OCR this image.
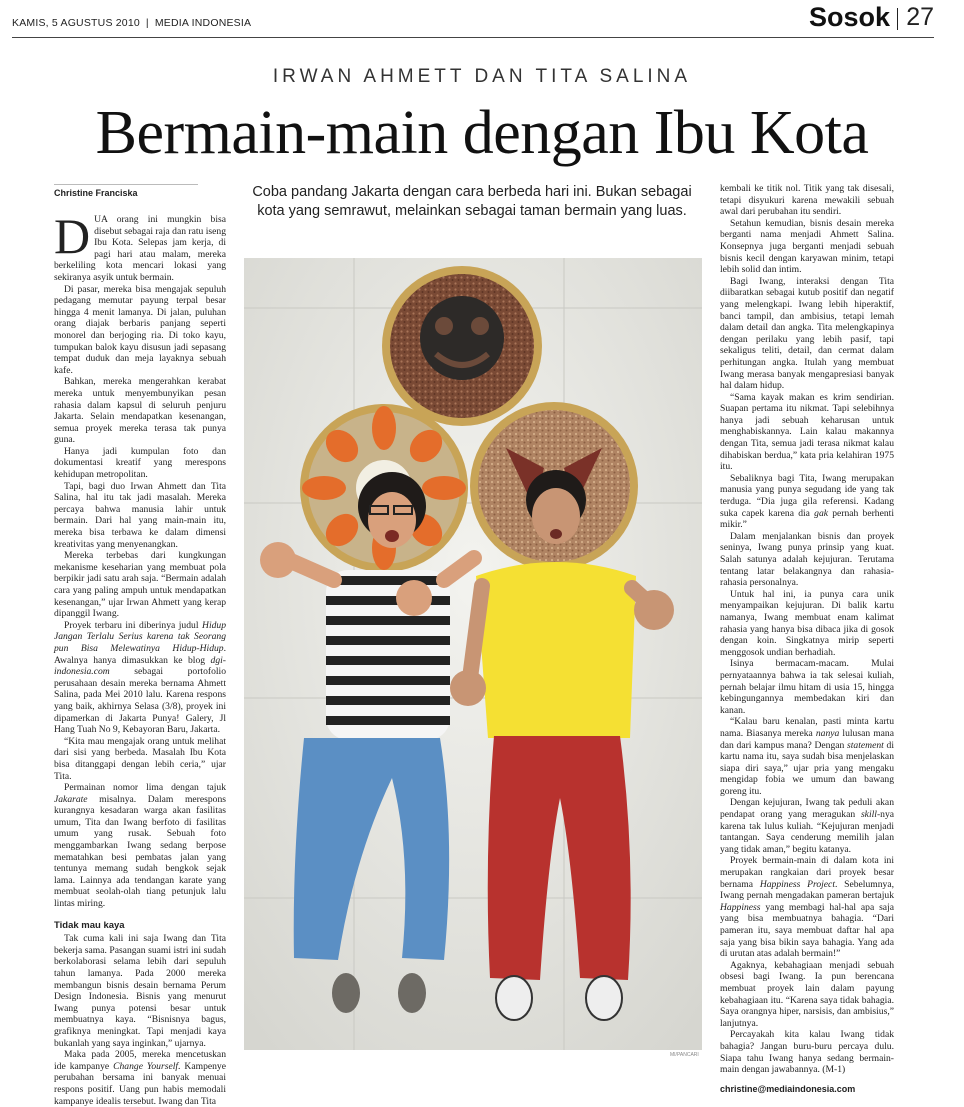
KAMIS, 5 AGUSTUS 2010 | MEDIA INDONESIA	Sosok 27
IRWAN AHMETT DAN TITA SALINA
Bermain-main dengan Ibu Kota
Christine Franciska

DUA orang ini mungkin bisa disebut sebagai raja dan ratu iseng Ibu Kota. Selepas jam kerja, di pagi hari atau malam, mereka berkeliling kota mencari lokasi yang sekiranya asyik untuk bermain.

Di pasar, mereka bisa mengajak sepuluh pedagang memutar payung terpal besar hingga 4 menit lamanya. Di jalan, puluhan orang diajak berbaris panjang seperti monorel dan berjoging ria. Di toko kayu, tumpukan balok kayu disusun jadi sepasang tempat duduk dan meja layaknya sebuah kafe.

Bahkan, mereka mengerahkan kerabat mereka untuk menyembunyikan pesan rahasia dalam kapsul di seluruh penjuru Jakarta. Selain mendapatkan kesenangan, semua proyek mereka terasa tak punya guna.

Hanya jadi kumpulan foto dan dokumentasi kreatif yang merespons kehidupan metropolitan.

Tapi, bagi duo Irwan Ahmett dan Tita Salina, hal itu tak jadi masalah. Mereka percaya bahwa manusia lahir untuk bermain. Dari hal yang main-main itu, mereka bisa terbawa ke dalam dimensi kreativitas yang menyenangkan.

Mereka terbebas dari kungkungan mekanisme keseharian yang membuat pola berpikir jadi satu arah saja. “Bermain adalah cara yang paling ampuh untuk mendapatkan kesenangan,” ujar Irwan Ahmett yang kerap dipanggil Iwang.

Proyek terbaru ini diberinya judul Hidup Jangan Terlalu Serius karena tak Seorang pun Bisa Melewatinya Hidup-Hidup. Awalnya hanya dimasukkan ke blog dgi-indonesia.com sebagai portofolio perusahaan desain mereka bernama Ahmett Salina, pada Mei 2010 lalu. Karena respons yang baik, akhirnya Selasa (3/8), proyek ini dipamerkan di Jakarta Punya! Galery, Jl Hang Tuah No 9, Kebayoran Baru, Jakarta.

“Kita mau mengajak orang untuk melihat dari sisi yang berbeda. Masalah Ibu Kota bisa ditanggapi dengan lebih ceria,” ujar Tita.

Permainan nomor lima dengan tajuk Jakarate misalnya. Dalam merespons kurangnya kesadaran warga akan fasilitas umum, Tita dan Iwang berfoto di fasilitas umum yang rusak. Sebuah foto menggambarkan Iwang sedang berpose mematahkan besi pembatas jalan yang tentunya memang sudah bengkok sejak lama. Lainnya ada tendangan karate yang membuat seolah-olah tiang petunjuk lalu lintas miring.

Tidak mau kaya

Tak cuma kali ini saja Iwang dan Tita bekerja sama. Pasangan suami istri ini sudah berkolaborasi selama lebih dari sepuluh tahun lamanya. Pada 2000 mereka membangun bisnis desain bernama Perum Design Indonesia. Bisnis yang menurut Iwang punya potensi besar untuk membuatnya kaya. “Bisnisnya bagus, grafiknya meningkat. Tapi menjadi kaya bukanlah yang saya inginkan,” ujarnya.

Maka pada 2005, mereka mencetuskan ide kampanye Change Yourself. Kampenye perubahan bersama ini banyak menuai respons positif. Uang pun habis memodali kampanye idealis tersebut. Iwang dan Tita

Coba pandang Jakarta dengan cara berbeda hari ini. Bukan sebagai kota yang semrawut, melainkan sebagai taman bermain yang luas.
MI/PANCARI

kembali ke titik nol. Titik yang tak disesali, tetapi disyukuri karena mewakili sebuah awal dari perubahan itu sendiri.

Setahun kemudian, bisnis desain mereka berganti nama menjadi Ahmett Salina. Konsepnya juga berganti menjadi sebuah bisnis kecil dengan karyawan minim, tetapi lebih solid dan intim.

Bagi Iwang, interaksi dengan Tita diibaratkan sebagai kutub positif dan negatif yang melengkapi. Iwang lebih hiperaktif, banci tampil, dan ambisius, tetapi lemah dalam detail dan angka. Tita melengkapinya dengan perilaku yang lebih pasif, tapi sekaligus teliti, detail, dan cermat dalam perhitungan angka. Itulah yang membuat Iwang merasa banyak mengapresiasi banyak hal dalam hidup.

“Sama kayak makan es krim sendirian. Suapan pertama itu nikmat. Tapi selebihnya hanya jadi sebuah keharusan untuk menghabiskannya. Lain kalau makannya dengan Tita, semua jadi terasa nikmat kalau dihabiskan berdua,” kata pria kelahiran 1975 itu.

Sebaliknya bagi Tita, Iwang merupakan manusia yang punya segudang ide yang tak terduga. “Dia juga gila referensi. Kadang suka capek karena dia gak pernah berhenti mikir.”

Dalam menjalankan bisnis dan proyek seninya, Iwang punya prinsip yang kuat. Salah satunya adalah kejujuran. Terutama tentang latar belakangnya dan rahasia-rahasia personalnya.

Untuk hal ini, ia punya cara unik menyampaikan kejujuran. Di balik kartu namanya, Iwang membuat enam kalimat rahasia yang hanya bisa dibaca jika di gosok dengan koin. Singkatnya mirip seperti menggosok undian berhadiah.

Isinya bermacam-macam. Mulai pernyataannya bahwa ia tak selesai kuliah, pernah belajar ilmu hitam di usia 15, hingga kebingungannya membedakan kiri dan kanan.

“Kalau baru kenalan, pasti minta kartu nama. Biasanya mereka nanya lulusan mana dan dari kampus mana? Dengan statement di kartu nama itu, saya sudah bisa menjelaskan siapa diri saya,” ujar pria yang mengaku mengidap fobia we umum dan bawang goreng itu.

Dengan kejujuran, Iwang tak peduli akan pendapat orang yang meragukan skill-nya karena tak lulus kuliah. “Kejujuran menjadi tantangan. Saya cenderung memilih jalan yang tidak aman,” begitu katanya.

Proyek bermain-main di dalam kota ini merupakan rangkaian dari proyek besar bernama Happiness Project. Sebelumnya, Iwang pernah mengadakan pameran bertajuk Happiness yang membagi hal-hal apa saja yang bisa membuatnya bahagia. “Dari pameran itu, saya membuat daftar hal apa saja yang bisa bikin saya bahagia. Yang ada di urutan atas adalah bermain!”

Agaknya, kebahagiaan menjadi sebuah obsesi bagi Iwang. Ia pun berencana membuat proyek lain dalam payung kebahagiaan itu. “Karena saya tidak bahagia. Saya orangnya hiper, narsisis, dan ambisius,” lanjutnya.

Percayakah kita kalau Iwang tidak bahagia? Jangan buru-buru percaya dulu. Siapa tahu Iwang hanya sedang bermain-main dengan jawabannya. (M-1)

christine@mediaindonesia.com
